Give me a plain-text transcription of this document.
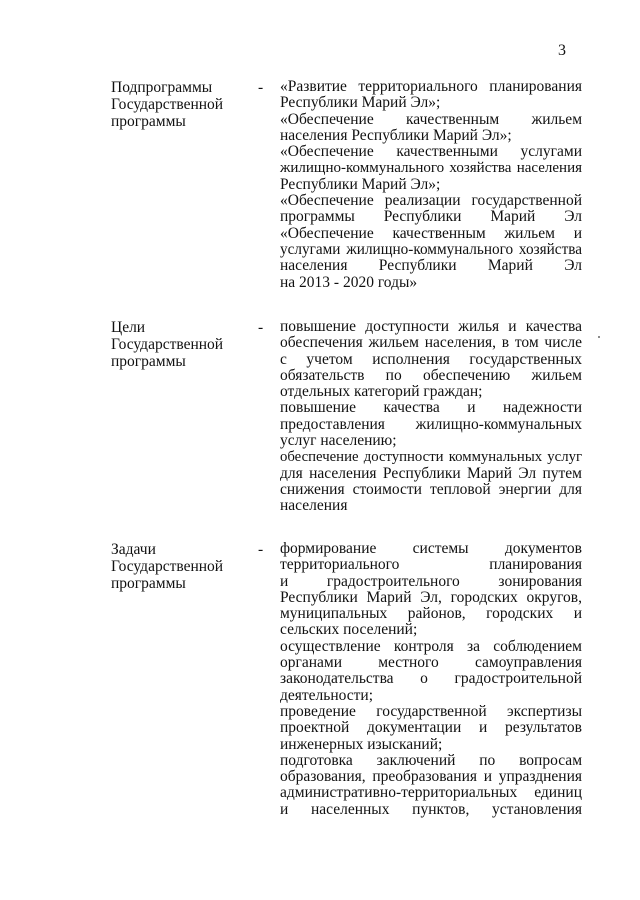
3
Подпрограммы
Государственной
программы
- «Развитие территориального планирования
Республики Марий Эл»;
«Обеспечение качественным жильем
населения Республики Марий Эл»;
«Обеспечение качественными услугами
жилищно-коммунального хозяйства населения
Республики Марий Эл»;
«Обеспечение реализации государственной
программы Республики Марий Эл
«Обеспечение качественным жильем и
услугами жилищно-коммунального хозяйства
населения Республики Марий Эл
на 2013 - 2020 годы»
Цели
Государственной
программы
- повышение доступности жилья и качества
обеспечения жильем населения, в том числе
с учетом исполнения государственных
обязательств по обеспечению жильем
отдельных категорий граждан;
повышение качества и надежности
предоставления жилищно-коммунальных
услуг населению;
обеспечение доступности коммунальных услуг
для населения Республики Марий Эл путем
снижения стоимости тепловой энергии для
населения
Задачи
Государственной
программы
- формирование системы документов
территориального планирования
и градостроительного зонирования
Республики Марий Эл, городских округов,
муниципальных районов, городских и
сельских поселений;
осуществление контроля за соблюдением
органами местного самоуправления
законодательства о градостроительной
деятельности;
проведение государственной экспертизы
проектной документации и результатов
инженерных изысканий;
подготовка заключений по вопросам
образования, преобразования и упразднения
административно-территориальных единиц
и населенных пунктов, установления
